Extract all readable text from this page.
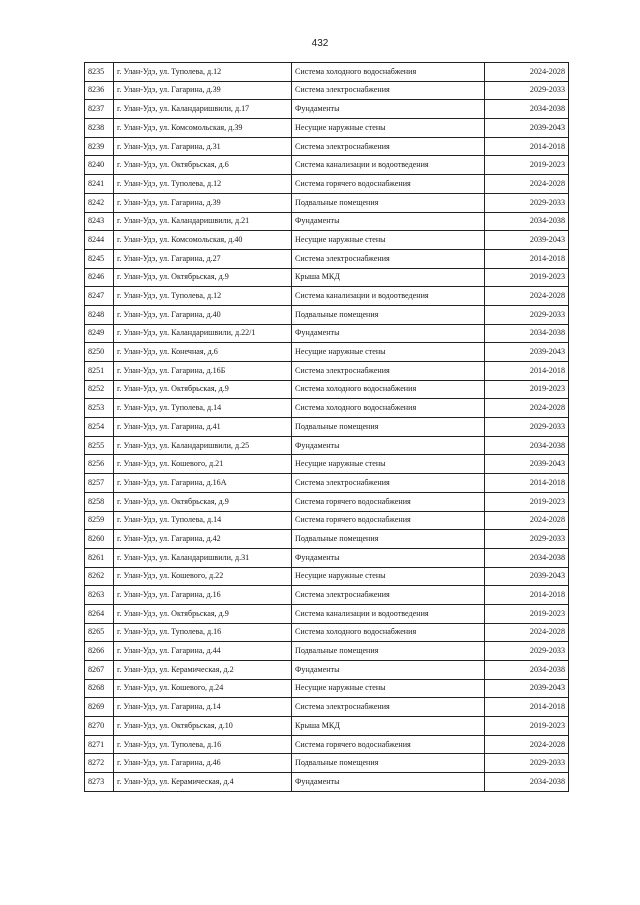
432
8235	г. Улан-Удэ, ул. Туполева, д.12	Система холодного водоснабжения	2024-2028
8236	г. Улан-Удэ, ул. Гагарина, д.39	Система электроснабжения	2029-2033
8237	г. Улан-Удэ, ул. Каландаришвили, д.17	Фундаменты	2034-2038
8238	г. Улан-Удэ, ул. Комсомольская, д.39	Несущие наружные стены	2039-2043
8239	г. Улан-Удэ, ул. Гагарина, д.31	Система электроснабжения	2014-2018
8240	г. Улан-Удэ, ул. Октябрьская, д.6	Система канализации и водоотведения	2019-2023
8241	г. Улан-Удэ, ул. Туполева, д.12	Система горячего водоснабжения	2024-2028
8242	г. Улан-Удэ, ул. Гагарина, д.39	Подвальные помещения	2029-2033
8243	г. Улан-Удэ, ул. Каландаришвили, д.21	Фундаменты	2034-2038
8244	г. Улан-Удэ, ул. Комсомольская, д.40	Несущие наружные стены	2039-2043
8245	г. Улан-Удэ, ул. Гагарина, д.27	Система электроснабжения	2014-2018
8246	г. Улан-Удэ, ул. Октябрьская, д.9	Крыша МКД	2019-2023
8247	г. Улан-Удэ, ул. Туполева, д.12	Система канализации и водоотведения	2024-2028
8248	г. Улан-Удэ, ул. Гагарина, д.40	Подвальные помещения	2029-2033
8249	г. Улан-Удэ, ул. Каландаришвили, д.22/1	Фундаменты	2034-2038
8250	г. Улан-Удэ, ул. Конечная, д.6	Несущие наружные стены	2039-2043
8251	г. Улан-Удэ, ул. Гагарина, д.16Б	Система электроснабжения	2014-2018
8252	г. Улан-Удэ, ул. Октябрьская, д.9	Система холодного водоснабжения	2019-2023
8253	г. Улан-Удэ, ул. Туполева, д.14	Система холодного водоснабжения	2024-2028
8254	г. Улан-Удэ, ул. Гагарина, д.41	Подвальные помещения	2029-2033
8255	г. Улан-Удэ, ул. Каландаришвили, д.25	Фундаменты	2034-2038
8256	г. Улан-Удэ, ул. Кошевого, д.21	Несущие наружные стены	2039-2043
8257	г. Улан-Удэ, ул. Гагарина, д.16А	Система электроснабжения	2014-2018
8258	г. Улан-Удэ, ул. Октябрьская, д.9	Система горячего водоснабжения	2019-2023
8259	г. Улан-Удэ, ул. Туполева, д.14	Система горячего водоснабжения	2024-2028
8260	г. Улан-Удэ, ул. Гагарина, д.42	Подвальные помещения	2029-2033
8261	г. Улан-Удэ, ул. Каландаришвили, д.31	Фундаменты	2034-2038
8262	г. Улан-Удэ, ул. Кошевого, д.22	Несущие наружные стены	2039-2043
8263	г. Улан-Удэ, ул. Гагарина, д.16	Система электроснабжения	2014-2018
8264	г. Улан-Удэ, ул. Октябрьская, д.9	Система канализации и водоотведения	2019-2023
8265	г. Улан-Удэ, ул. Туполева, д.16	Система холодного водоснабжения	2024-2028
8266	г. Улан-Удэ, ул. Гагарина, д.44	Подвальные помещения	2029-2033
8267	г. Улан-Удэ, ул. Керамическая, д.2	Фундаменты	2034-2038
8268	г. Улан-Удэ, ул. Кошевого, д.24	Несущие наружные стены	2039-2043
8269	г. Улан-Удэ, ул. Гагарина, д.14	Система электроснабжения	2014-2018
8270	г. Улан-Удэ, ул. Октябрьская, д.10	Крыша МКД	2019-2023
8271	г. Улан-Удэ, ул. Туполева, д.16	Система горячего водоснабжения	2024-2028
8272	г. Улан-Удэ, ул. Гагарина, д.46	Подвальные помещения	2029-2033
8273	г. Улан-Удэ, ул. Керамическая, д.4	Фундаменты	2034-2038
